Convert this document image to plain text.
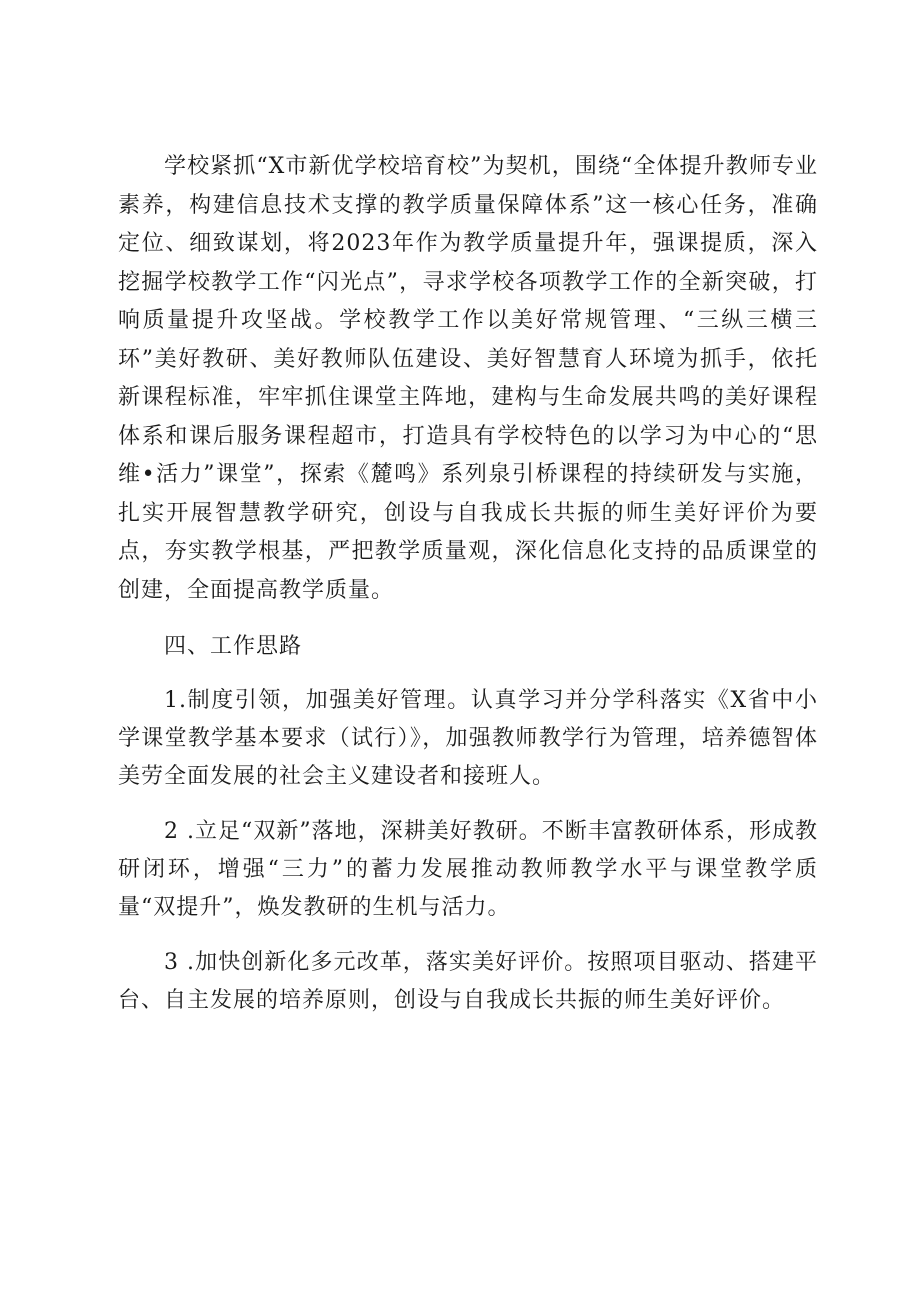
学校紧抓“X市新优学校培育校”为契机，围绕“全体提升教师专业素养，构建信息技术支撑的教学质量保障体系”这一核心任务，准确定位、细致谋划，将2023年作为教学质量提升年，强课提质，深入挖掘学校教学工作“闪光点”，寻求学校各项教学工作的全新突破，打响质量提升攻坚战。学校教学工作以美好常规管理、“三纵三横三环”美好教研、美好教师队伍建设、美好智慧育人环境为抓手，依托新课程标准，牢牢抓住课堂主阵地，建构与生命发展共鸣的美好课程体系和课后服务课程超市，打造具有学校特色的以学习为中心的“思维•活力”课堂”，探索《麓鸣》系列泉引桥课程的持续研发与实施，扎实开展智慧教学研究，创设与自我成长共振的师生美好评价为要点，夯实教学根基，严把教学质量观，深化信息化支持的品质课堂的创建，全面提高教学质量。

四、工作思路

1.制度引领，加强美好管理。认真学习并分学科落实《X省中小学课堂教学基本要求（试行）》，加强教师教学行为管理，培养德智体美劳全面发展的社会主义建设者和接班人。

2 .立足“双新”落地，深耕美好教研。不断丰富教研体系，形成教研闭环，增强“三力”的蓄力发展推动教师教学水平与课堂教学质量“双提升”，焕发教研的生机与活力。

3 .加快创新化多元改革，落实美好评价。按照项目驱动、搭建平台、自主发展的培养原则，创设与自我成长共振的师生美好评价。
